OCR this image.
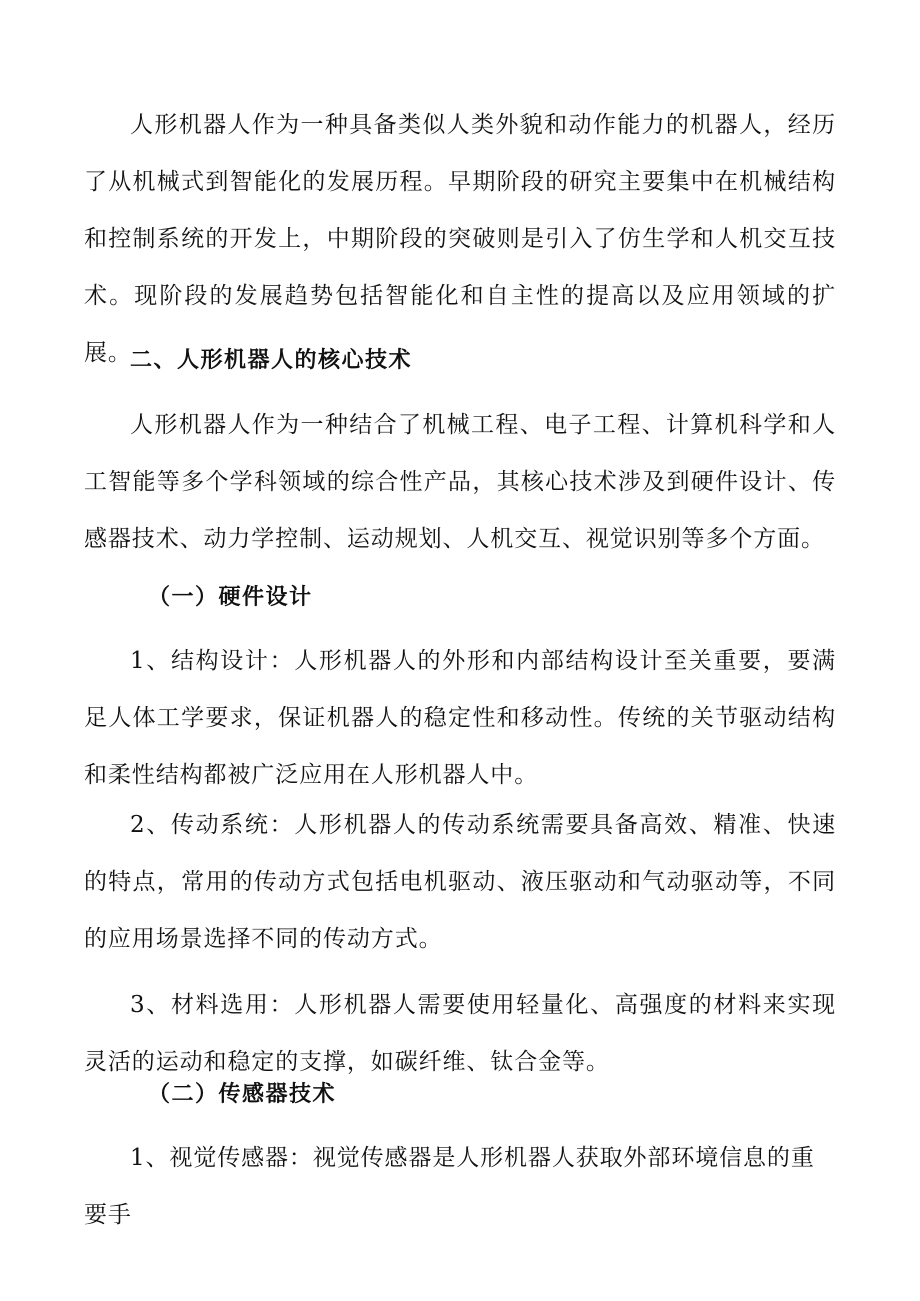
人形机器人作为一种具备类似人类外貌和动作能力的机器人，经历了从机械式到智能化的发展历程。早期阶段的研究主要集中在机械结构和控制系统的开发上，中期阶段的突破则是引入了仿生学和人机交互技术。现阶段的发展趋势包括智能化和自主性的提高以及应用领域的扩展。

二、人形机器人的核心技术

人形机器人作为一种结合了机械工程、电子工程、计算机科学和人工智能等多个学科领域的综合性产品，其核心技术涉及到硬件设计、传感器技术、动力学控制、运动规划、人机交互、视觉识别等多个方面。

（一）硬件设计

1、结构设计：人形机器人的外形和内部结构设计至关重要，要满足人体工学要求，保证机器人的稳定性和移动性。传统的关节驱动结构和柔性结构都被广泛应用在人形机器人中。

2、传动系统：人形机器人的传动系统需要具备高效、精准、快速的特点，常用的传动方式包括电机驱动、液压驱动和气动驱动等，不同的应用场景选择不同的传动方式。

3、材料选用：人形机器人需要使用轻量化、高强度的材料来实现灵活的运动和稳定的支撑，如碳纤维、钛合金等。

（二）传感器技术

1、视觉传感器：视觉传感器是人形机器人获取外部环境信息的重要手
